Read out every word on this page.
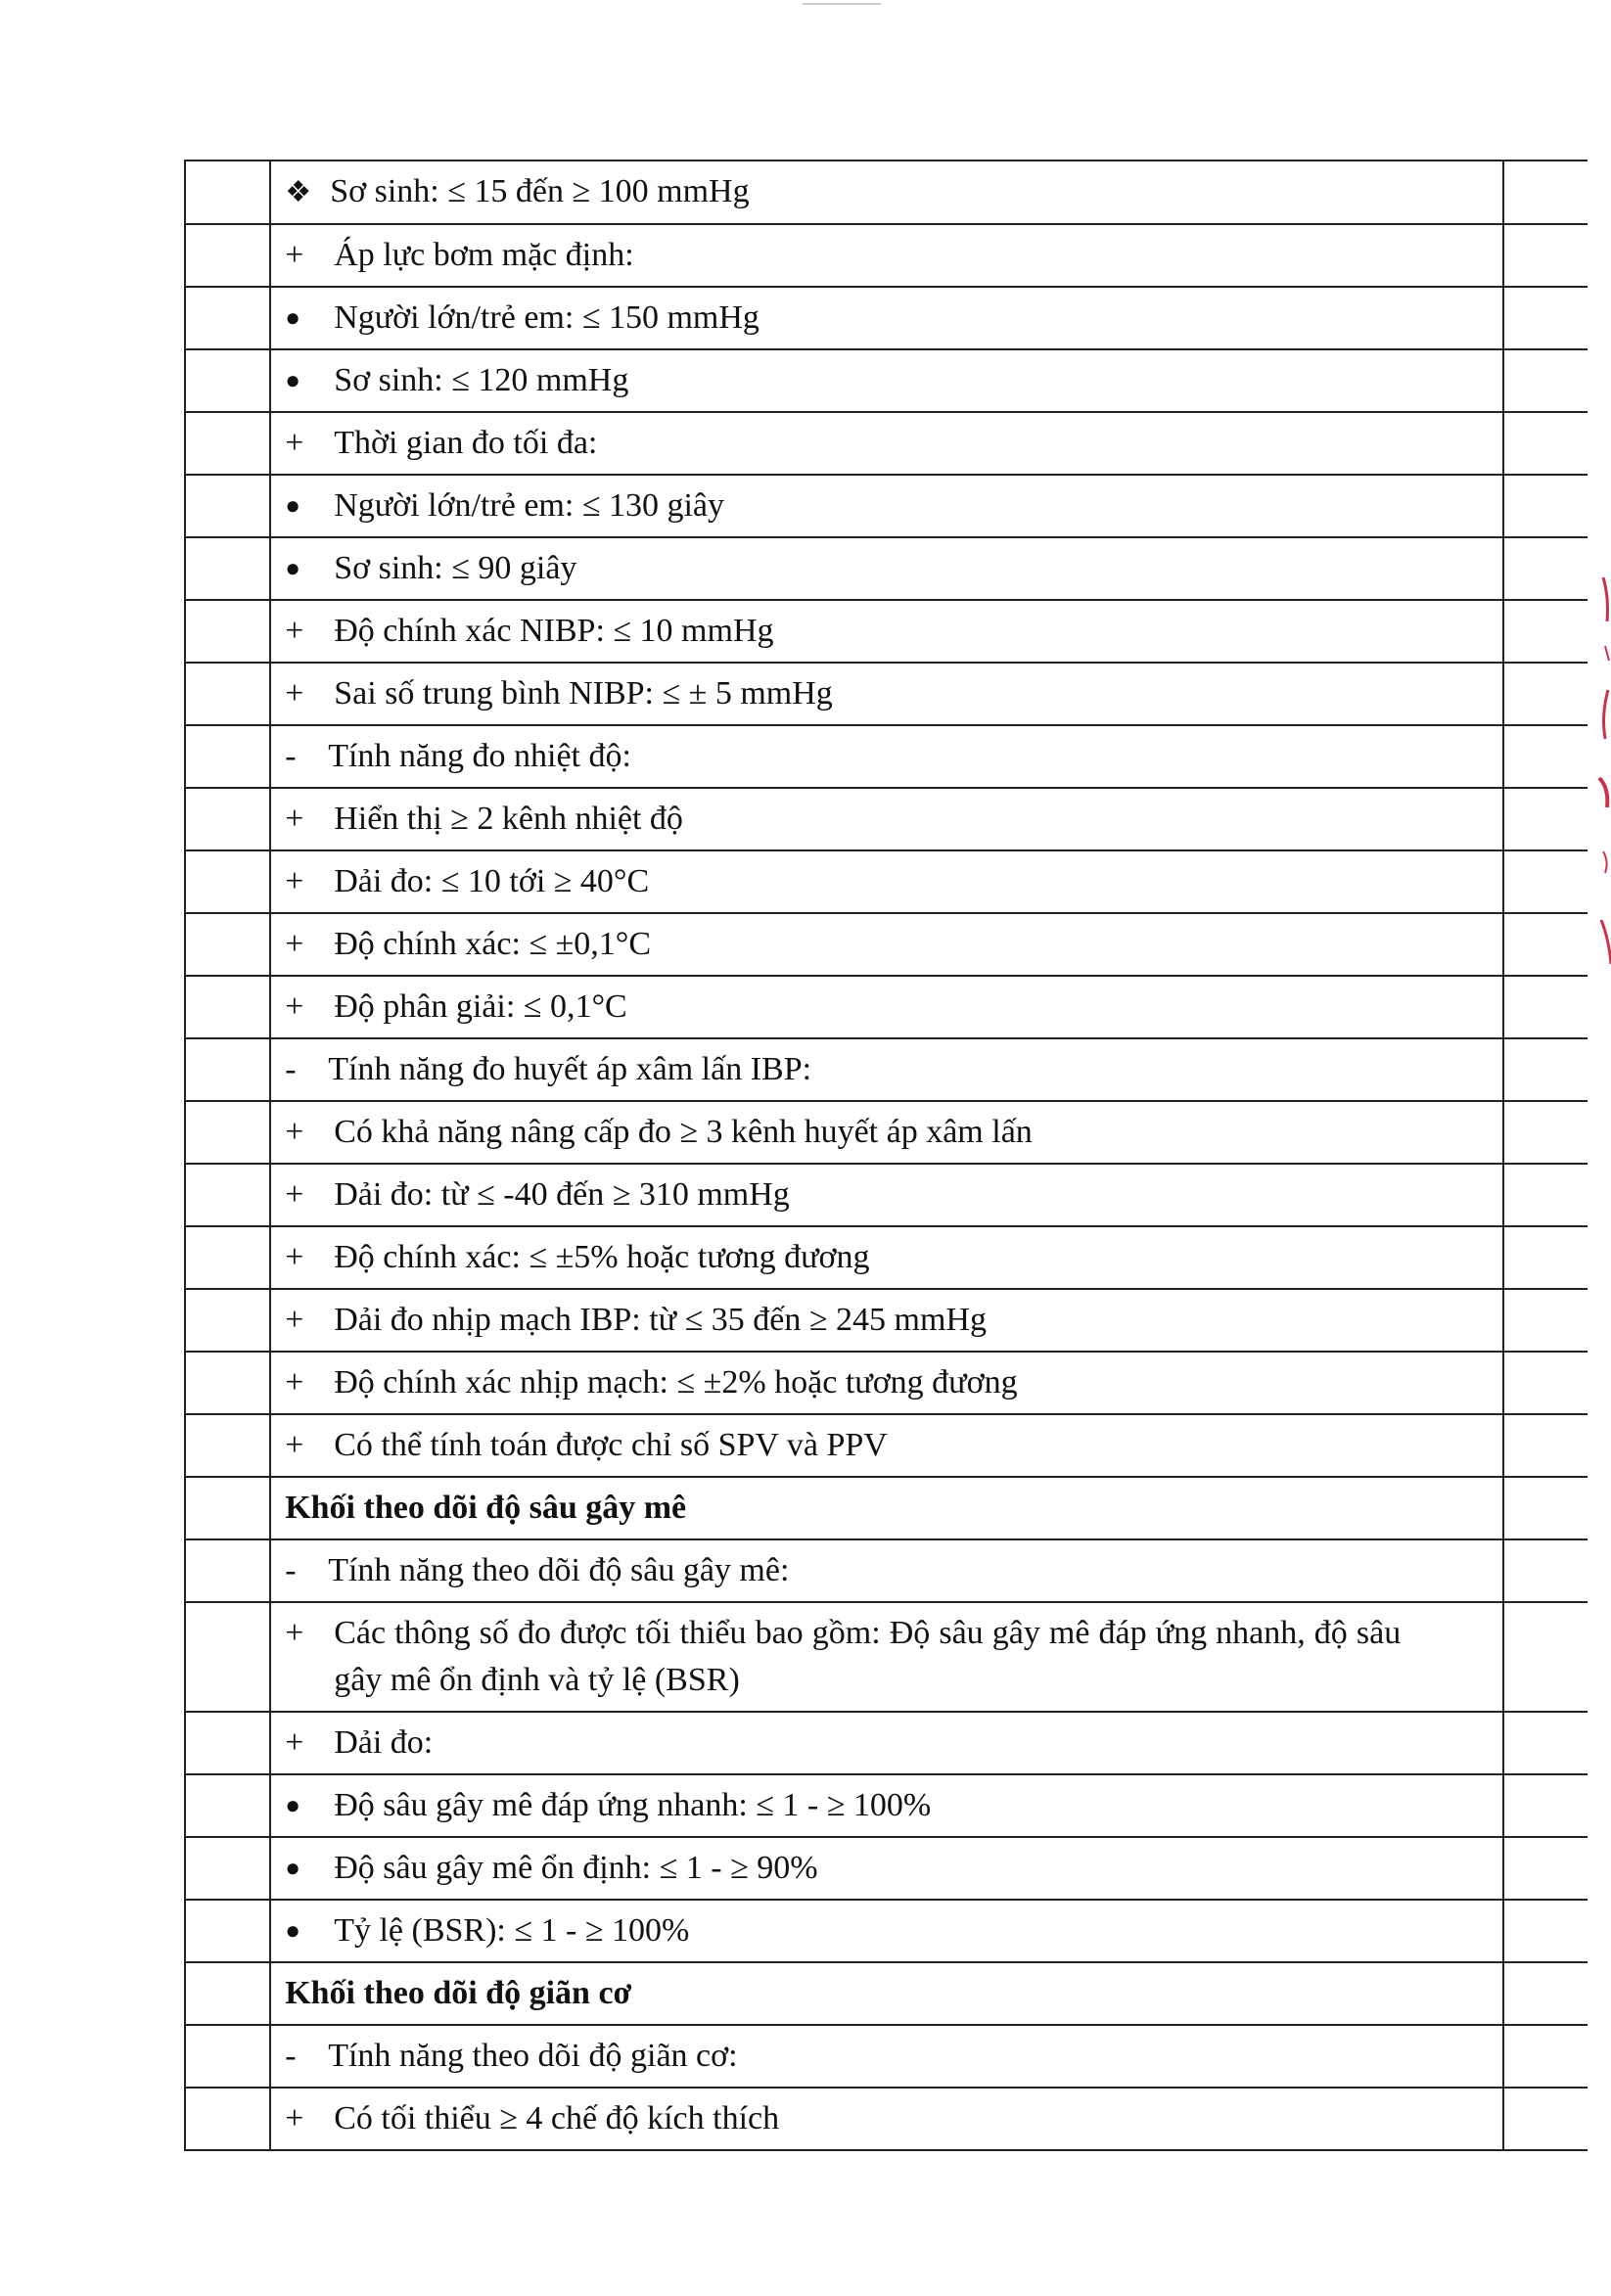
	❖ Sơ sinh: ≤ 15 đến ≥ 100 mmHg	
	+ Áp lực bơm mặc định:	
	● Người lớn/trẻ em: ≤ 150 mmHg	
	● Sơ sinh: ≤ 120 mmHg	
	+ Thời gian đo tối đa:	
	● Người lớn/trẻ em: ≤ 130 giây	
	● Sơ sinh: ≤ 90 giây	
	+ Độ chính xác NIBP: ≤ 10 mmHg	
	+ Sai số trung bình NIBP: ≤ ± 5 mmHg	
	- Tính năng đo nhiệt độ:	
	+ Hiển thị ≥ 2 kênh nhiệt độ	
	+ Dải đo: ≤ 10 tới ≥ 40°C	
	+ Độ chính xác: ≤ ±0,1°C	
	+ Độ phân giải: ≤ 0,1°C	
	- Tính năng đo huyết áp xâm lấn IBP:	
	+ Có khả năng nâng cấp đo ≥ 3 kênh huyết áp xâm lấn	
	+ Dải đo: từ ≤ -40 đến ≥ 310 mmHg	
	+ Độ chính xác: ≤ ±5% hoặc tương đương	
	+ Dải đo nhịp mạch IBP: từ ≤ 35 đến ≥ 245 mmHg	
	+ Độ chính xác nhịp mạch: ≤ ±2% hoặc tương đương	
	+ Có thể tính toán được chỉ số SPV và PPV	
	Khối theo dõi độ sâu gây mê	
	- Tính năng theo dõi độ sâu gây mê:	
	+ Các thông số đo được tối thiểu bao gồm: Độ sâu gây mê đáp ứng nhanh, độ sâu gây mê ổn định và tỷ lệ (BSR)	
	+ Dải đo:	
	● Độ sâu gây mê đáp ứng nhanh: ≤ 1 - ≥ 100%	
	● Độ sâu gây mê ổn định: ≤ 1 - ≥ 90%	
	● Tỷ lệ (BSR): ≤ 1 - ≥ 100%	
	Khối theo dõi độ giãn cơ	
	- Tính năng theo dõi độ giãn cơ:	
	+ Có tối thiểu ≥ 4 chế độ kích thích	
